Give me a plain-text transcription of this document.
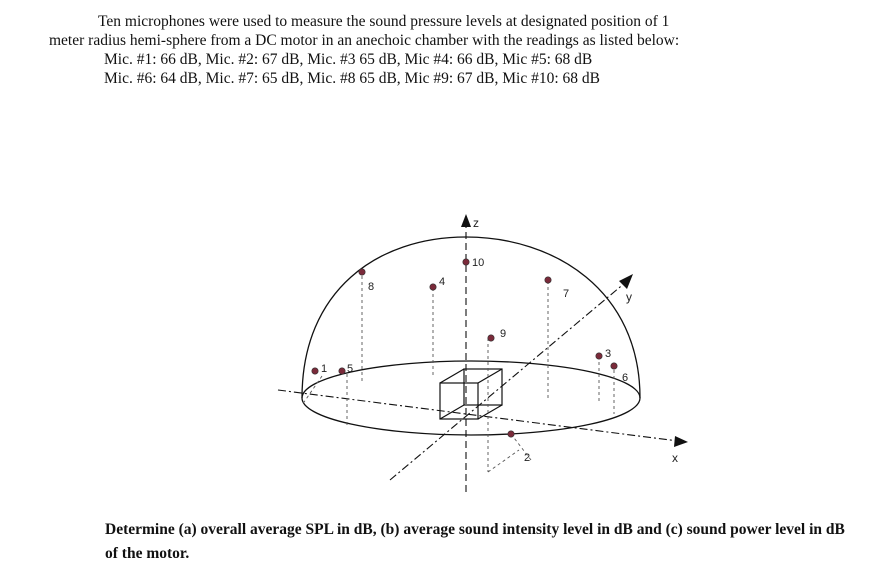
Ten microphones were used to measure the sound pressure levels at designated position of 1
meter radius hemi-sphere from a DC motor in an anechoic chamber with the readings as listed below:
Mic. #1: 66 dB, Mic. #2: 67 dB, Mic. #3 65 dB, Mic #4: 66 dB, Mic #5: 68 dB
Mic. #6: 64 dB, Mic. #7: 65 dB, Mic. #8 65 dB, Mic #9: 67 dB, Mic #10: 68 dB
z
x
y
1 5
8	4
10
7
9
3
6
2
Determine (a) overall average SPL in dB, (b) average sound intensity level in dB and (c) sound power level in dB of the motor.
